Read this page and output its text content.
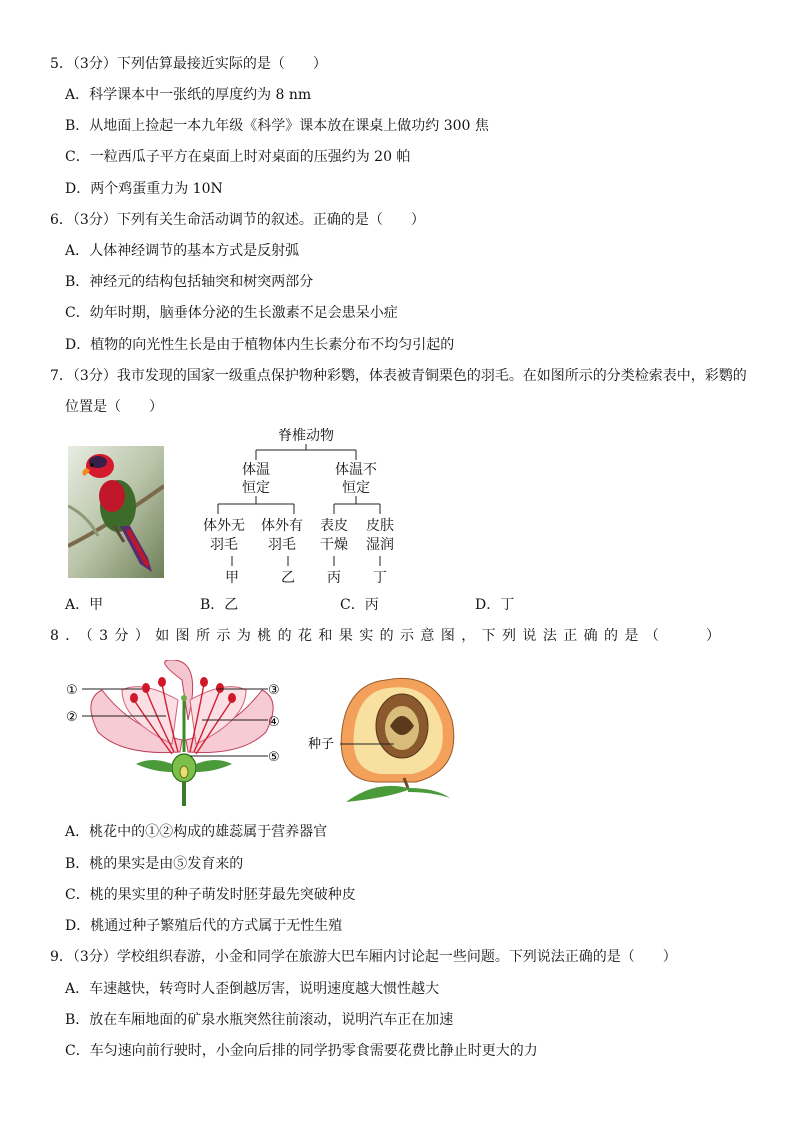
5．（3分）下列估算最接近实际的是（　　）
A．科学课本中一张纸的厚度约为 8 nm
B．从地面上捡起一本九年级《科学》课本放在课桌上做功约 300 焦
C．一粒西瓜子平方在桌面上时对桌面的压强约为 20 帕
D．两个鸡蛋重力为 10N
6．（3分）下列有关生命活动调节的叙述。正确的是（　　）
A．人体神经调节的基本方式是反射弧
B．神经元的结构包括轴突和树突两部分
C．幼年时期，脑垂体分泌的生长激素不足会患呆小症
D．植物的向光性生长是由于植物体内生长素分布不均匀引起的
7．（3分）我市发现的国家一级重点保护物种彩鹦，体表被青铜栗色的羽毛。在如图所示的分类检索表中，彩鹦的
位置是（　　）
脊椎动物
体温
恒定
体温不
恒定
体外无
羽毛
体外有
羽毛
表皮
干燥
皮肤
湿润
甲	乙 丙 丁
A．甲	B．乙	C．丙	D．丁
8．（3分）如图所示为桃的花和果实的示意图，下列说法正确的是（　　）
①
②
③
④
⑤
种子
A．桃花中的①②构成的雄蕊属于营养器官
B．桃的果实是由⑤发育来的
C．桃的果实里的种子萌发时胚芽最先突破种皮
D．桃通过种子繁殖后代的方式属于无性生殖
9．（3分）学校组织春游，小金和同学在旅游大巴车厢内讨论起一些问题。下列说法正确的是（　　）
A．车速越快，转弯时人歪倒越厉害，说明速度越大惯性越大
B．放在车厢地面的矿泉水瓶突然往前滚动，说明汽车正在加速
C．车匀速向前行驶时，小金向后排的同学扔零食需要花费比静止时更大的力
